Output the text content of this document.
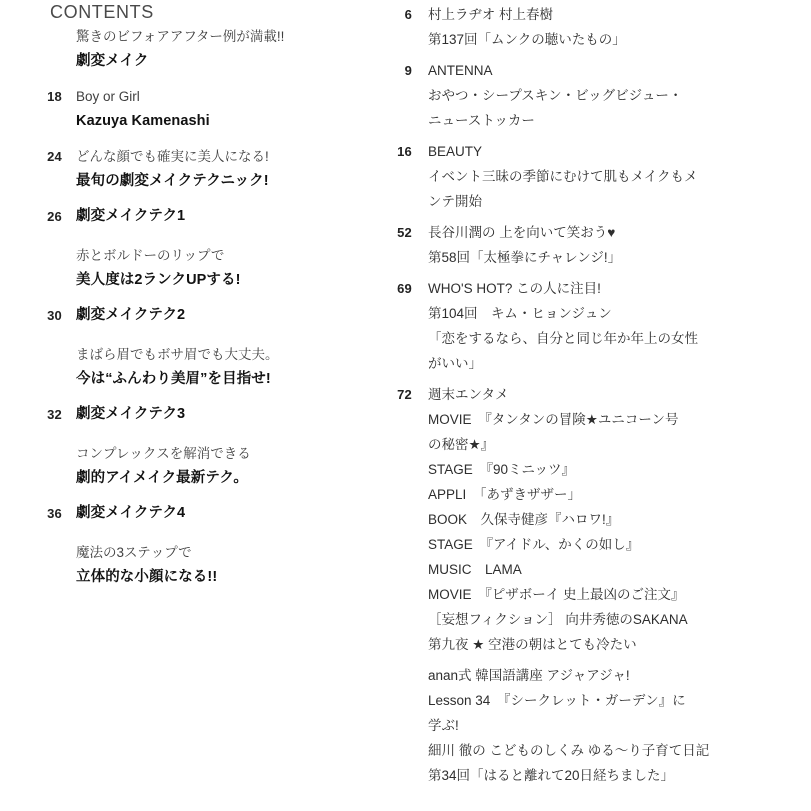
CONTENTS
驚きのビフォアアフター例が満載!!
劇変メイク
18 Boy or Girl
Kazuya Kamenashi
24 どんな顔でも確実に美人になる!
最旬の劇変メイクテクニック!
26 劇変メイクテク1
赤とボルドーのリップで
美人度は2ランクUPする!
30 劇変メイクテク2
まばら眉でもボサ眉でも大丈夫。
今は“ふんわり美眉”を目指せ!
32 劇変メイクテク3
コンプレックスを解消できる
劇的アイメイク最新テク。
36 劇変メイクテク4
魔法の3ステップで
立体的な小顔になる!!
6 村上ラヂオ 村上春樹
第137回「ムンクの聴いたもの」
9 ANTENNA
おやつ・シープスキン・ビッグビジュー・
ニューストッカー
16 BEAUTY
イベント三昧の季節にむけて肌もメイクもメ
ンテ開始
52 長谷川潤の 上を向いて笑おう♥
第58回「太極拳にチャレンジ!」
69 WHO'S HOT? この人に注目!
第104回　キム・ヒョンジュン
「恋をするなら、自分と同じ年か年上の女性
がいい」
72 週末エンタメ
MOVIE　『タンタンの冒険★ユニコーン号
の秘密★』
STAGE　『90ミニッツ』
APPLI　「あずきザザー」
BOOK　久保寺健彦『ハロワ!』
STAGE　『アイドル、かくの如し』
MUSIC　LAMA
MOVIE　『ピザボーイ 史上最凶のご注文』
［妄想フィクション］ 向井秀徳のSAKANA
第九夜 ★ 空港の朝はとても冷たい
anan式 韓国語講座 アジャアジャ!
Lesson 34　『シークレット・ガーデン』に
学ぶ!
細川 徹の こどものしくみ ゆる〜り子育て日記
第34回「はると離れて20日経ちました」
